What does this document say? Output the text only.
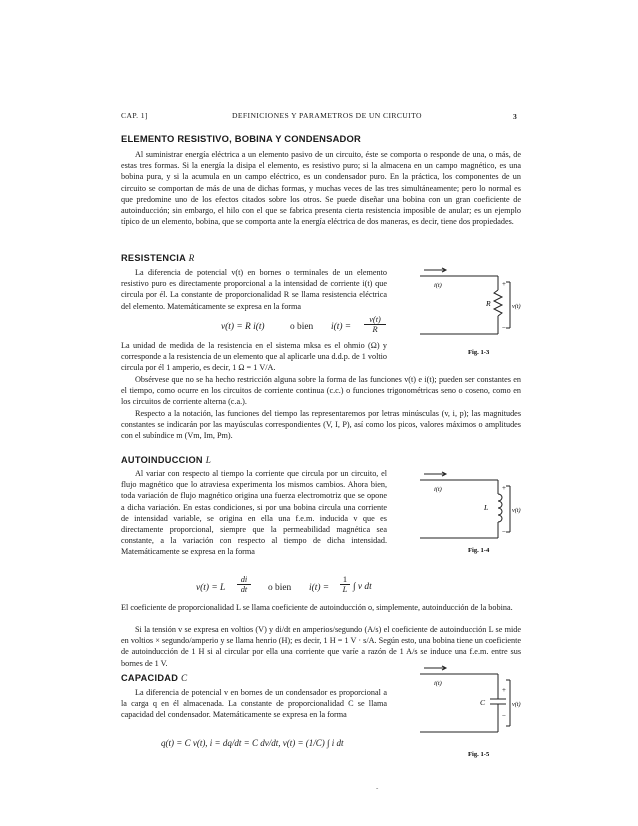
CAP. 1]	DEFINICIONES Y PARAMETROS DE UN CIRCUITO	3
ELEMENTO RESISTIVO, BOBINA Y CONDENSADOR
Al suministrar energía eléctrica a un elemento pasivo de un circuito, éste se comporta o responde de una, o más, de estas tres formas. Si la energía la disipa el elemento, es resistivo puro; si la almacena en un campo magnético, es una bobina pura, y si la acumula en un campo eléctrico, es un condensador puro. En la práctica, los componentes de un circuito se comportan de más de una de dichas formas, y muchas veces de las tres simultáneamente; pero lo normal es que predomine uno de los efectos citados sobre los otros. Se puede diseñar una bobina con un gran coeficiente de autoinducción; sin embargo, el hilo con el que se fabrica presenta cierta resistencia imposible de anular; es un ejemplo típico de un elemento, bobina, que se comporta ante la energía eléctrica de dos maneras, es decir, tiene dos propiedades.
RESISTENCIA R
La diferencia de potencial v(t) en bornes o terminales de un elemento resistivo puro es directamente proporcional a la intensidad de corriente i(t) que circula por él. La constante de proporcionalidad R se llama resistencia eléctrica del elemento. Matemáticamente se expresa en la forma
v(t) = R i(t)	o bien $i(t) = \frac{v(t)}{R}$
La unidad de medida de la resistencia en el sistema mksa es el ohmio (Ω) y corresponde a la resistencia de un elemento que al aplicarle una d.d.p. de 1 voltio circula por él 1 amperio, es decir, 1 Ω = 1 V/A.
Obsérvese que no se ha hecho restricción alguna sobre la forma de las funciones v(t) e i(t); pueden ser constantes en el tiempo, como ocurre en los circuitos de corriente continua (c.c.) o funciones trigonométricas seno o coseno, como en los circuitos de corriente alterna (c.a.).
Respecto a la notación, las funciones del tiempo las representaremos por letras minúsculas (v, i, p); las magnitudes constantes se indicarán por las mayúsculas correspondientes (V, I, P), así como los picos, valores máximos o amplitudes con el subíndice m (Vm, Im, Pm).
i(t)
R
+
−
v(t)
Fig. 1-3
AUTOINDUCCION L
Al variar con respecto al tiempo la corriente que circula por un circuito, el flujo magnético que lo atraviesa experimenta los mismos cambios. Ahora bien, toda variación de flujo magnético origina una fuerza electromotriz que se opone a dicha variación. En estas condiciones, si por una bobina circula una corriente de intensidad variable, se origina en ella una f.e.m. inducida v que es directamente proporcional, siempre que la permeabilidad magnética sea constante, a la variación con respecto al tiempo de dicha intensidad. Matemáticamente se expresa en la forma
v(t) = L $\frac{di}{dt}$ o bien $i(t) = \frac{1}{L}$ ∫ v dt
El coeficiente de proporcionalidad L se llama coeficiente de autoinducción o, simplemente, autoinducción de la bobina.
Si la tensión v se expresa en voltios (V) y di/dt en amperios/segundo (A/s) el coeficiente de autoinducción L se mide en voltios × segundo/amperio y se llama henrio (H); es decir, 1 H = 1 V · s/A. Según esto, una bobina tiene un coeficiente de autoinducción de 1 H si al circular por ella una corriente que varíe a razón de 1 A/s se induce una f.e.m. entre sus bornes de 1 V.
i(t)
L
+
−
v(t)
Fig. 1-4
CAPACIDAD C
La diferencia de potencial v en bornes de un condensador es proporcional a la carga q en él almacenada. La constante de proporcionalidad C se llama capacidad del condensador. Matemáticamente se expresa en la forma
q(t) = C v(t), i = dq/dt = C dv/dt, v(t) = (1/C) ∫ i dt
i(t)
C
+
−
v(t)
Fig. 1-5
-
